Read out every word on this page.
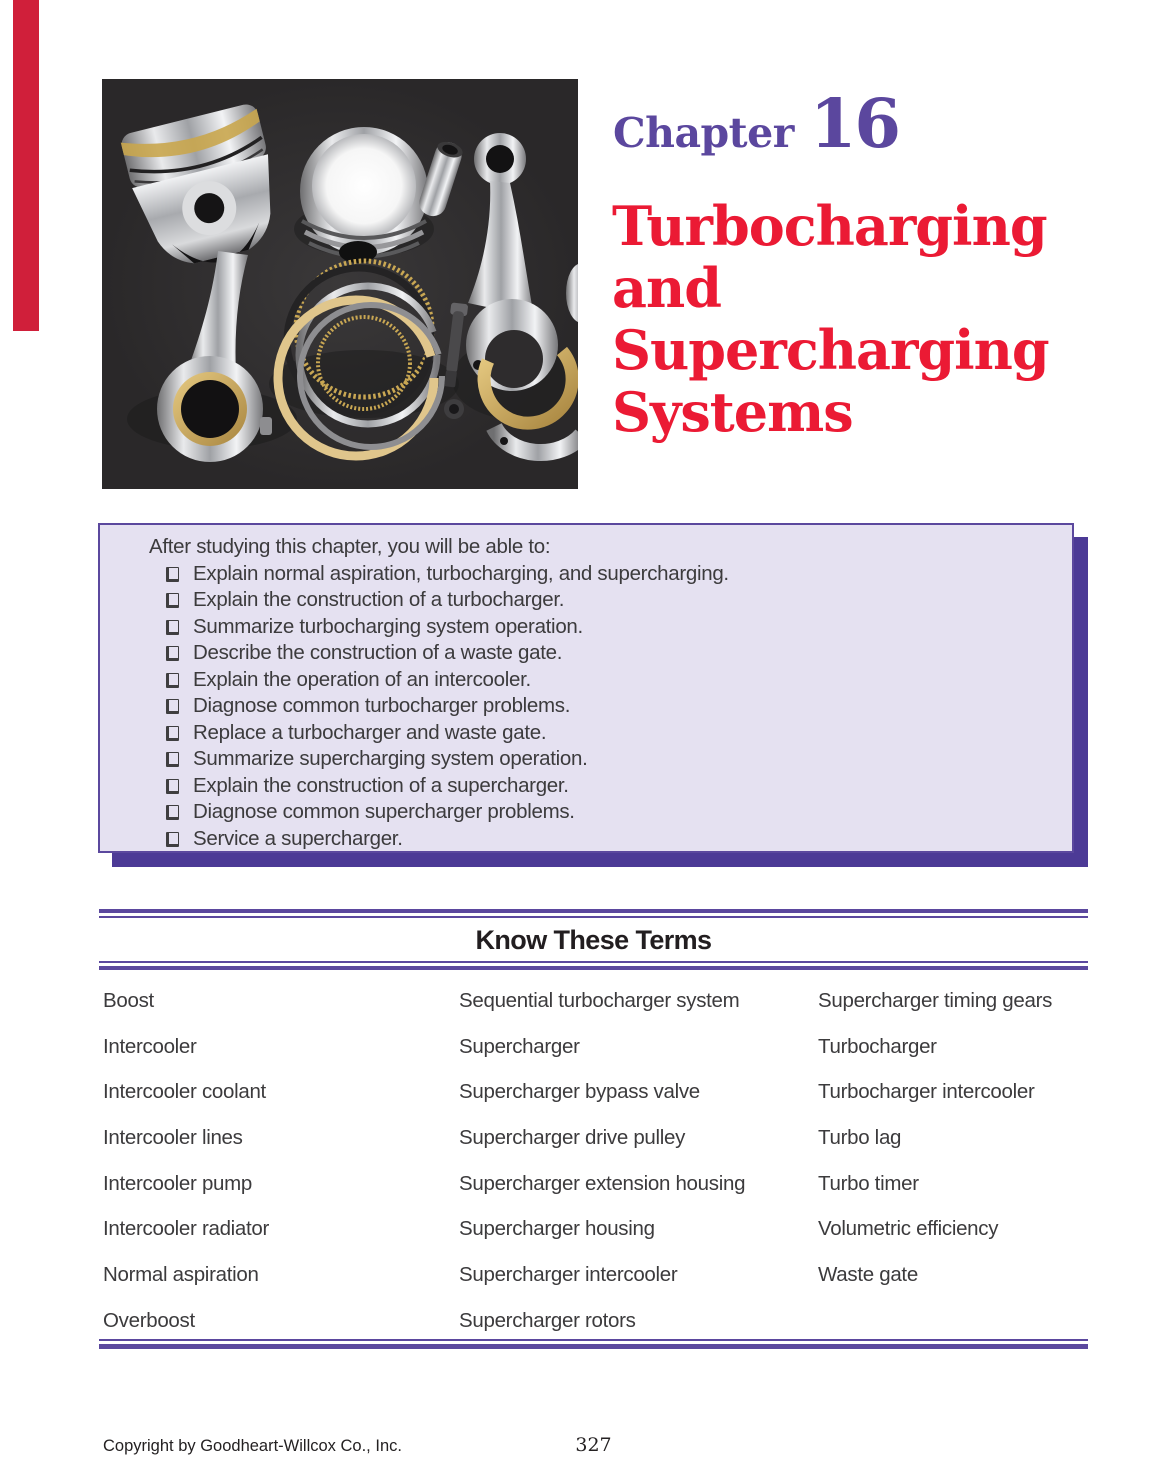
Chapter 16
Turbocharging
and Supercharging
Systems
After studying this chapter, you will be able to:
Explain normal aspiration, turbocharging, and supercharging.
Explain the construction of a turbocharger.
Summarize turbocharging system operation.
Describe the construction of a waste gate.
Explain the operation of an intercooler.
Diagnose common turbocharger problems.
Replace a turbocharger and waste gate.
Summarize supercharging system operation.
Explain the construction of a supercharger.
Diagnose common supercharger problems.
Service a supercharger.
Know These Terms
Boost
Intercooler
Intercooler coolant
Intercooler lines
Intercooler pump
Intercooler radiator
Normal aspiration
Overboost
Sequential turbocharger system
Supercharger
Supercharger bypass valve
Supercharger drive pulley
Supercharger extension housing
Supercharger housing
Supercharger intercooler
Supercharger rotors
Supercharger timing gears
Turbocharger
Turbocharger intercooler
Turbo lag
Turbo timer
Volumetric efficiency
Waste gate
Copyright by Goodheart-Willcox Co., Inc.	327
